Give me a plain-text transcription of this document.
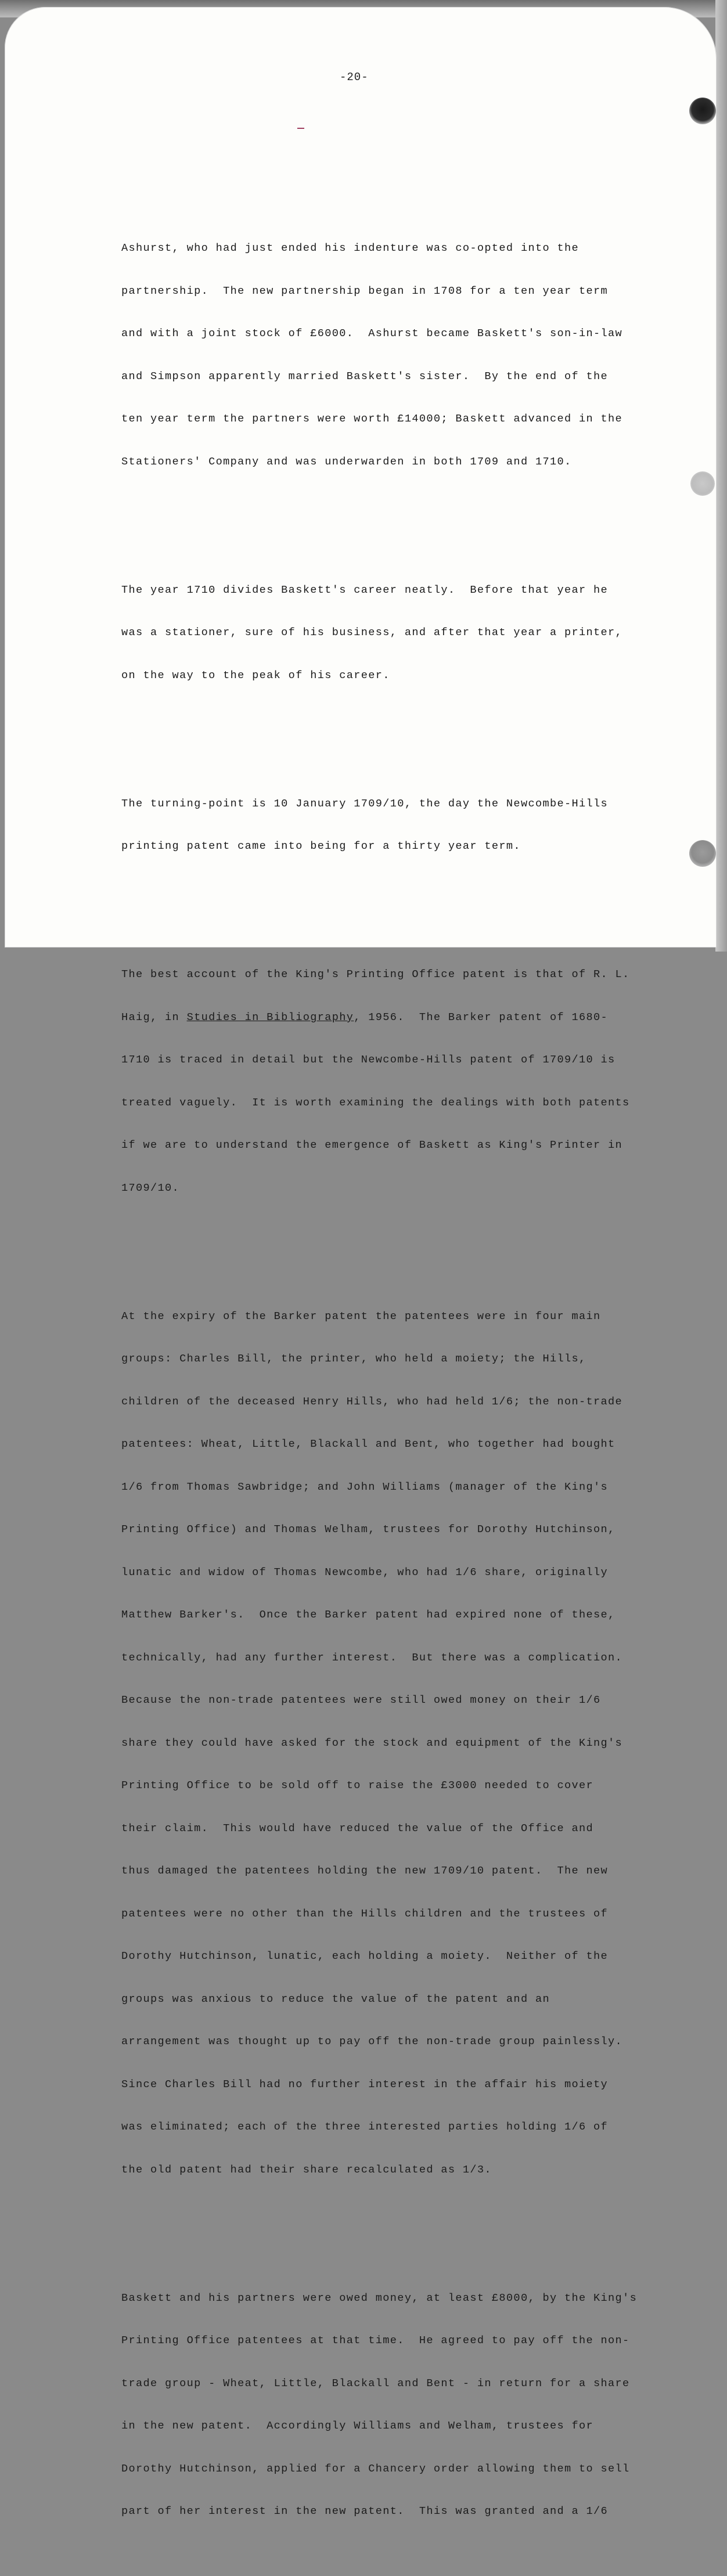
-20-

Ashurst, who had just ended his indenture was co-opted into the

partnership.  The new partnership began in 1708 for a ten year term

and with a joint stock of £6000.  Ashurst became Baskett's son-in-law

and Simpson apparently married Baskett's sister.  By the end of the

ten year term the partners were worth £14000; Baskett advanced in the

Stationers' Company and was underwarden in both 1709 and 1710.

The year 1710 divides Baskett's career neatly.  Before that year he

was a stationer, sure of his business, and after that year a printer,

on the way to the peak of his career.

The turning-point is 10 January 1709/10, the day the Newcombe-Hills

printing patent came into being for a thirty year term.

The best account of the King's Printing Office patent is that of R. L.

Haig, in Studies in Bibliography, 1956.  The Barker patent of 1680-

1710 is traced in detail but the Newcombe-Hills patent of 1709/10 is

treated vaguely.  It is worth examining the dealings with both patents

if we are to understand the emergence of Baskett as King's Printer in

1709/10.

At the expiry of the Barker patent the patentees were in four main

groups: Charles Bill, the printer, who held a moiety; the Hills,

children of the deceased Henry Hills, who had held 1/6; the non-trade

patentees: Wheat, Little, Blackall and Bent, who together had bought

1/6 from Thomas Sawbridge; and John Williams (manager of the King's

Printing Office) and Thomas Welham, trustees for Dorothy Hutchinson,

lunatic and widow of Thomas Newcombe, who had 1/6 share, originally

Matthew Barker's.  Once the Barker patent had expired none of these,

technically, had any further interest.  But there was a complication.

Because the non-trade patentees were still owed money on their 1/6

share they could have asked for the stock and equipment of the King's

Printing Office to be sold off to raise the £3000 needed to cover

their claim.  This would have reduced the value of the Office and

thus damaged the patentees holding the new 1709/10 patent.  The new

patentees were no other than the Hills children and the trustees of

Dorothy Hutchinson, lunatic, each holding a moiety.  Neither of the

groups was anxious to reduce the value of the patent and an

arrangement was thought up to pay off the non-trade group painlessly.

Since Charles Bill had no further interest in the affair his moiety

was eliminated; each of the three interested parties holding 1/6 of

the old patent had their share recalculated as 1/3.

Baskett and his partners were owed money, at least £8000, by the King's

Printing Office patentees at that time.  He agreed to pay off the non-

trade group - Wheat, Little, Blackall and Bent - in return for a share

in the new patent.  Accordingly Williams and Welham, trustees for

Dorothy Hutchinson, applied for a Chancery order allowing them to sell

part of her interest in the new patent.  This was granted and a 1/6
